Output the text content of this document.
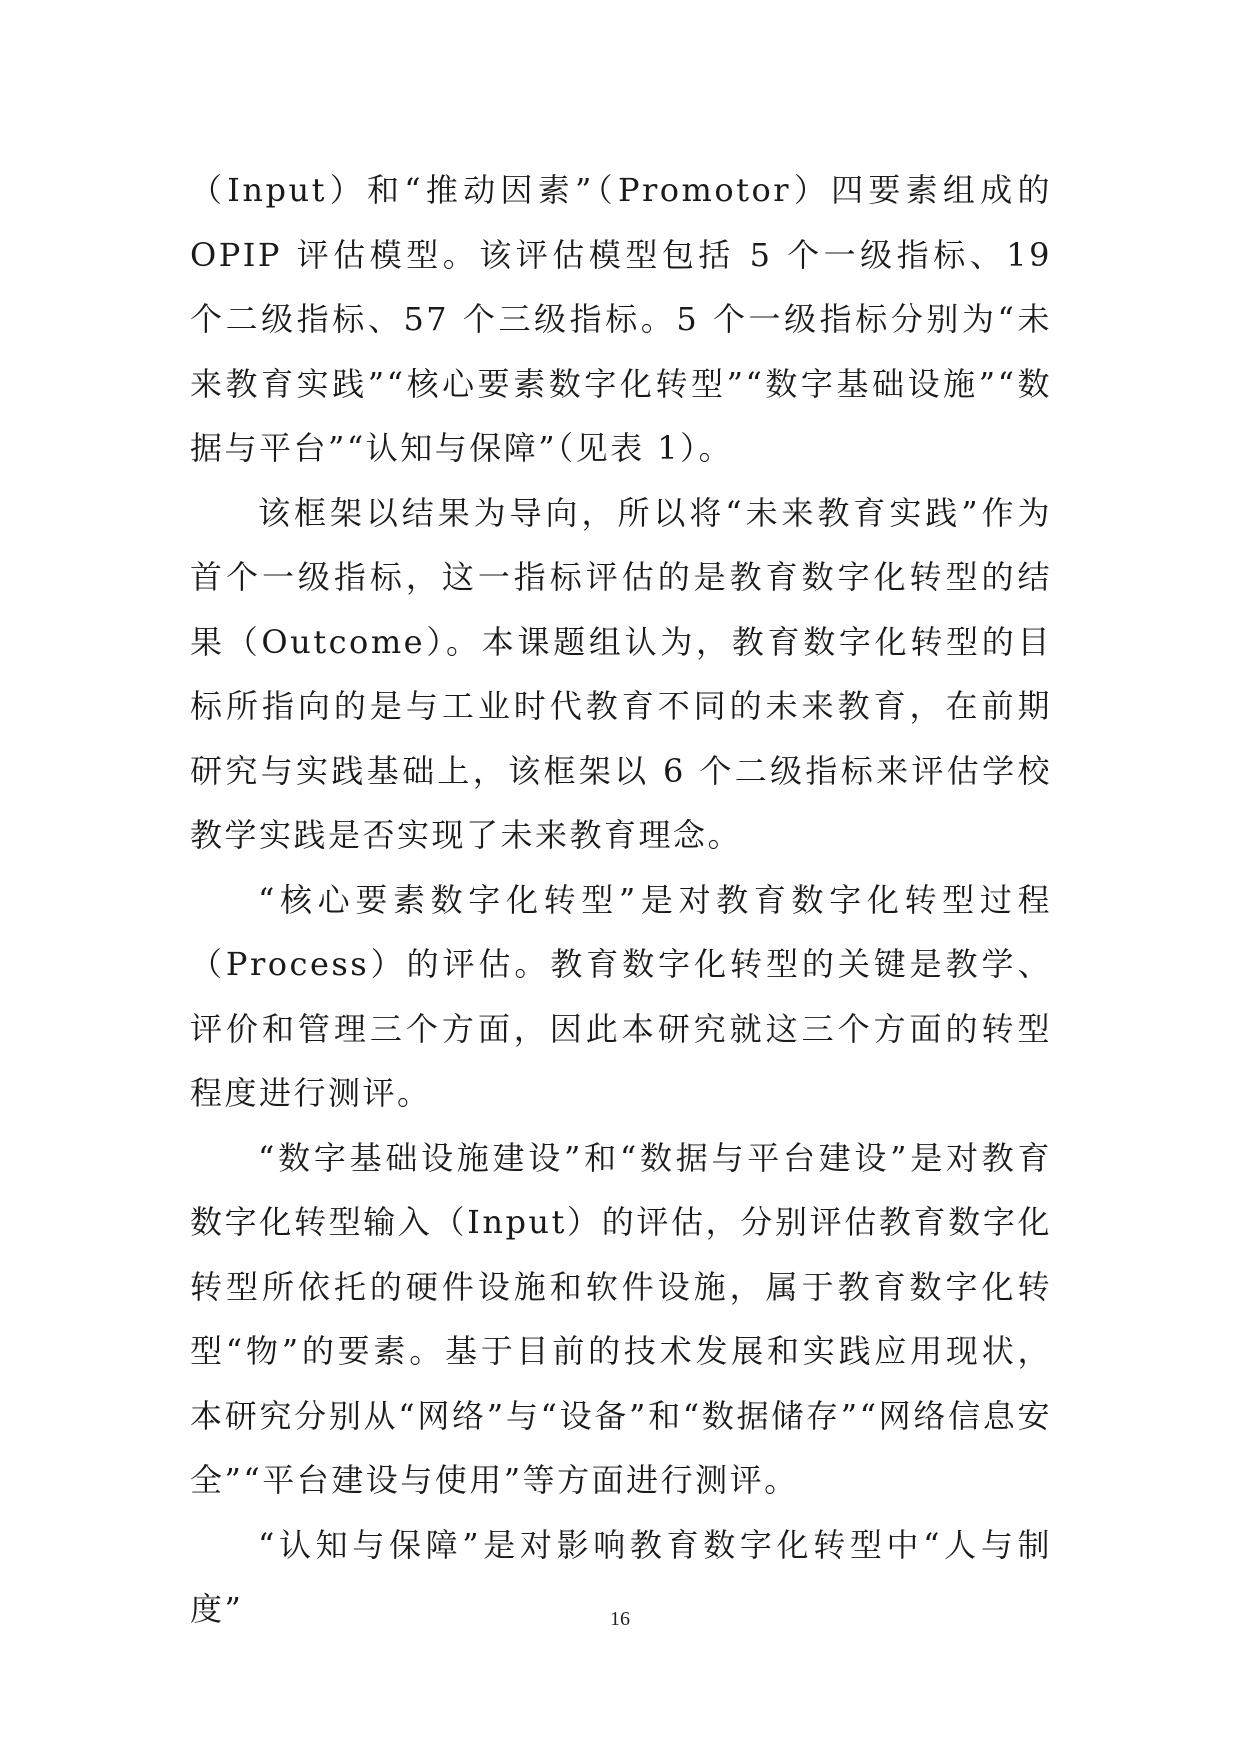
（Input）和“推动因素”（Promotor）四要素组成的 OPIP 评估模型。该评估模型包括 5 个一级指标、19 个二级指标、57 个三级指标。5 个一级指标分别为“未来教育实践”“核心要素数字化转型”“数字基础设施”“数据与平台”“认知与保障”（见表 1）。

该框架以结果为导向，所以将“未来教育实践”作为首个一级指标，这一指标评估的是教育数字化转型的结果（Outcome）。本课题组认为，教育数字化转型的目标所指向的是与工业时代教育不同的未来教育，在前期研究与实践基础上，该框架以 6 个二级指标来评估学校教学实践是否实现了未来教育理念。

“核心要素数字化转型”是对教育数字化转型过程（Process）的评估。教育数字化转型的关键是教学、评价和管理三个方面，因此本研究就这三个方面的转型程度进行测评。

“数字基础设施建设”和“数据与平台建设”是对教育数字化转型输入（Input）的评估，分别评估教育数字化转型所依托的硬件设施和软件设施，属于教育数字化转型“物”的要素。基于目前的技术发展和实践应用现状，本研究分别从“网络”与“设备”和“数据储存”“网络信息安全”“平台建设与使用”等方面进行测评。

“认知与保障”是对影响教育数字化转型中“人与制度”	16
